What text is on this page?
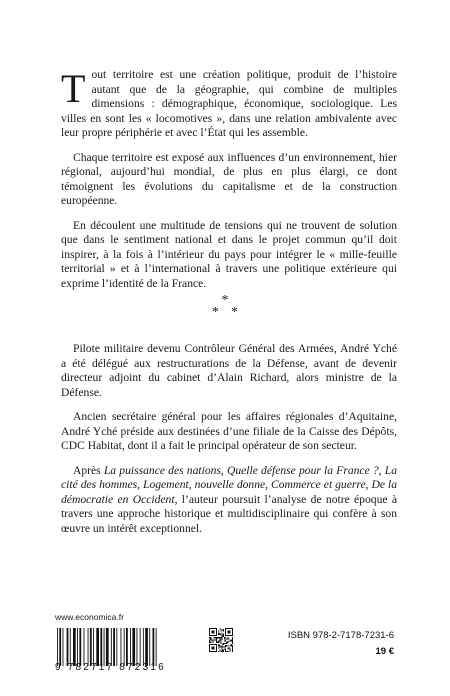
Tout territoire est une création politique, produit de l’histoire autant que de la géographie, qui combine de multiples dimensions : démographique, économique, sociologique. Les villes en sont les « locomotives », dans une relation ambivalente avec leur propre périphérie et avec l’État qui les assemble.

Chaque territoire est exposé aux influences d’un environnement, hier régional, aujourd’hui mondial, de plus en plus élargi, ce dont témoignent les évolutions du capitalisme et de la construction européenne.

En découlent une multitude de tensions qui ne trouvent de solution que dans le sentiment national et dans le projet commun qu’il doit inspirer, à la fois à l’intérieur du pays pour intégrer le « mille-feuille territorial » et à l’international à travers une politique extérieure qui exprime l’identité de la France.

*
* *

Pilote militaire devenu Contrôleur Général des Armées, André Yché a été délégué aux restructurations de la Défense, avant de devenir directeur adjoint du cabinet d’Alain Richard, alors ministre de la Défense.

Ancien secrétaire général pour les affaires régionales d’Aquitaine, André Yché préside aux destinées d’une filiale de la Caisse des Dépôts, CDC Habitat, dont il a fait le principal opérateur de son secteur.

Après La puissance des nations, Quelle défense pour la France ?, La cité des hommes, Logement, nouvelle donne, Commerce et guerre, De la démocratie en Occident, l’auteur poursuit l’analyse de notre époque à travers une approche historique et multidisciplinaire qui confère à son œuvre un intérêt exceptionnel.

www.economica.fr
9 782717 872316
ISBN 978-2-7178-7231-6
19 €
